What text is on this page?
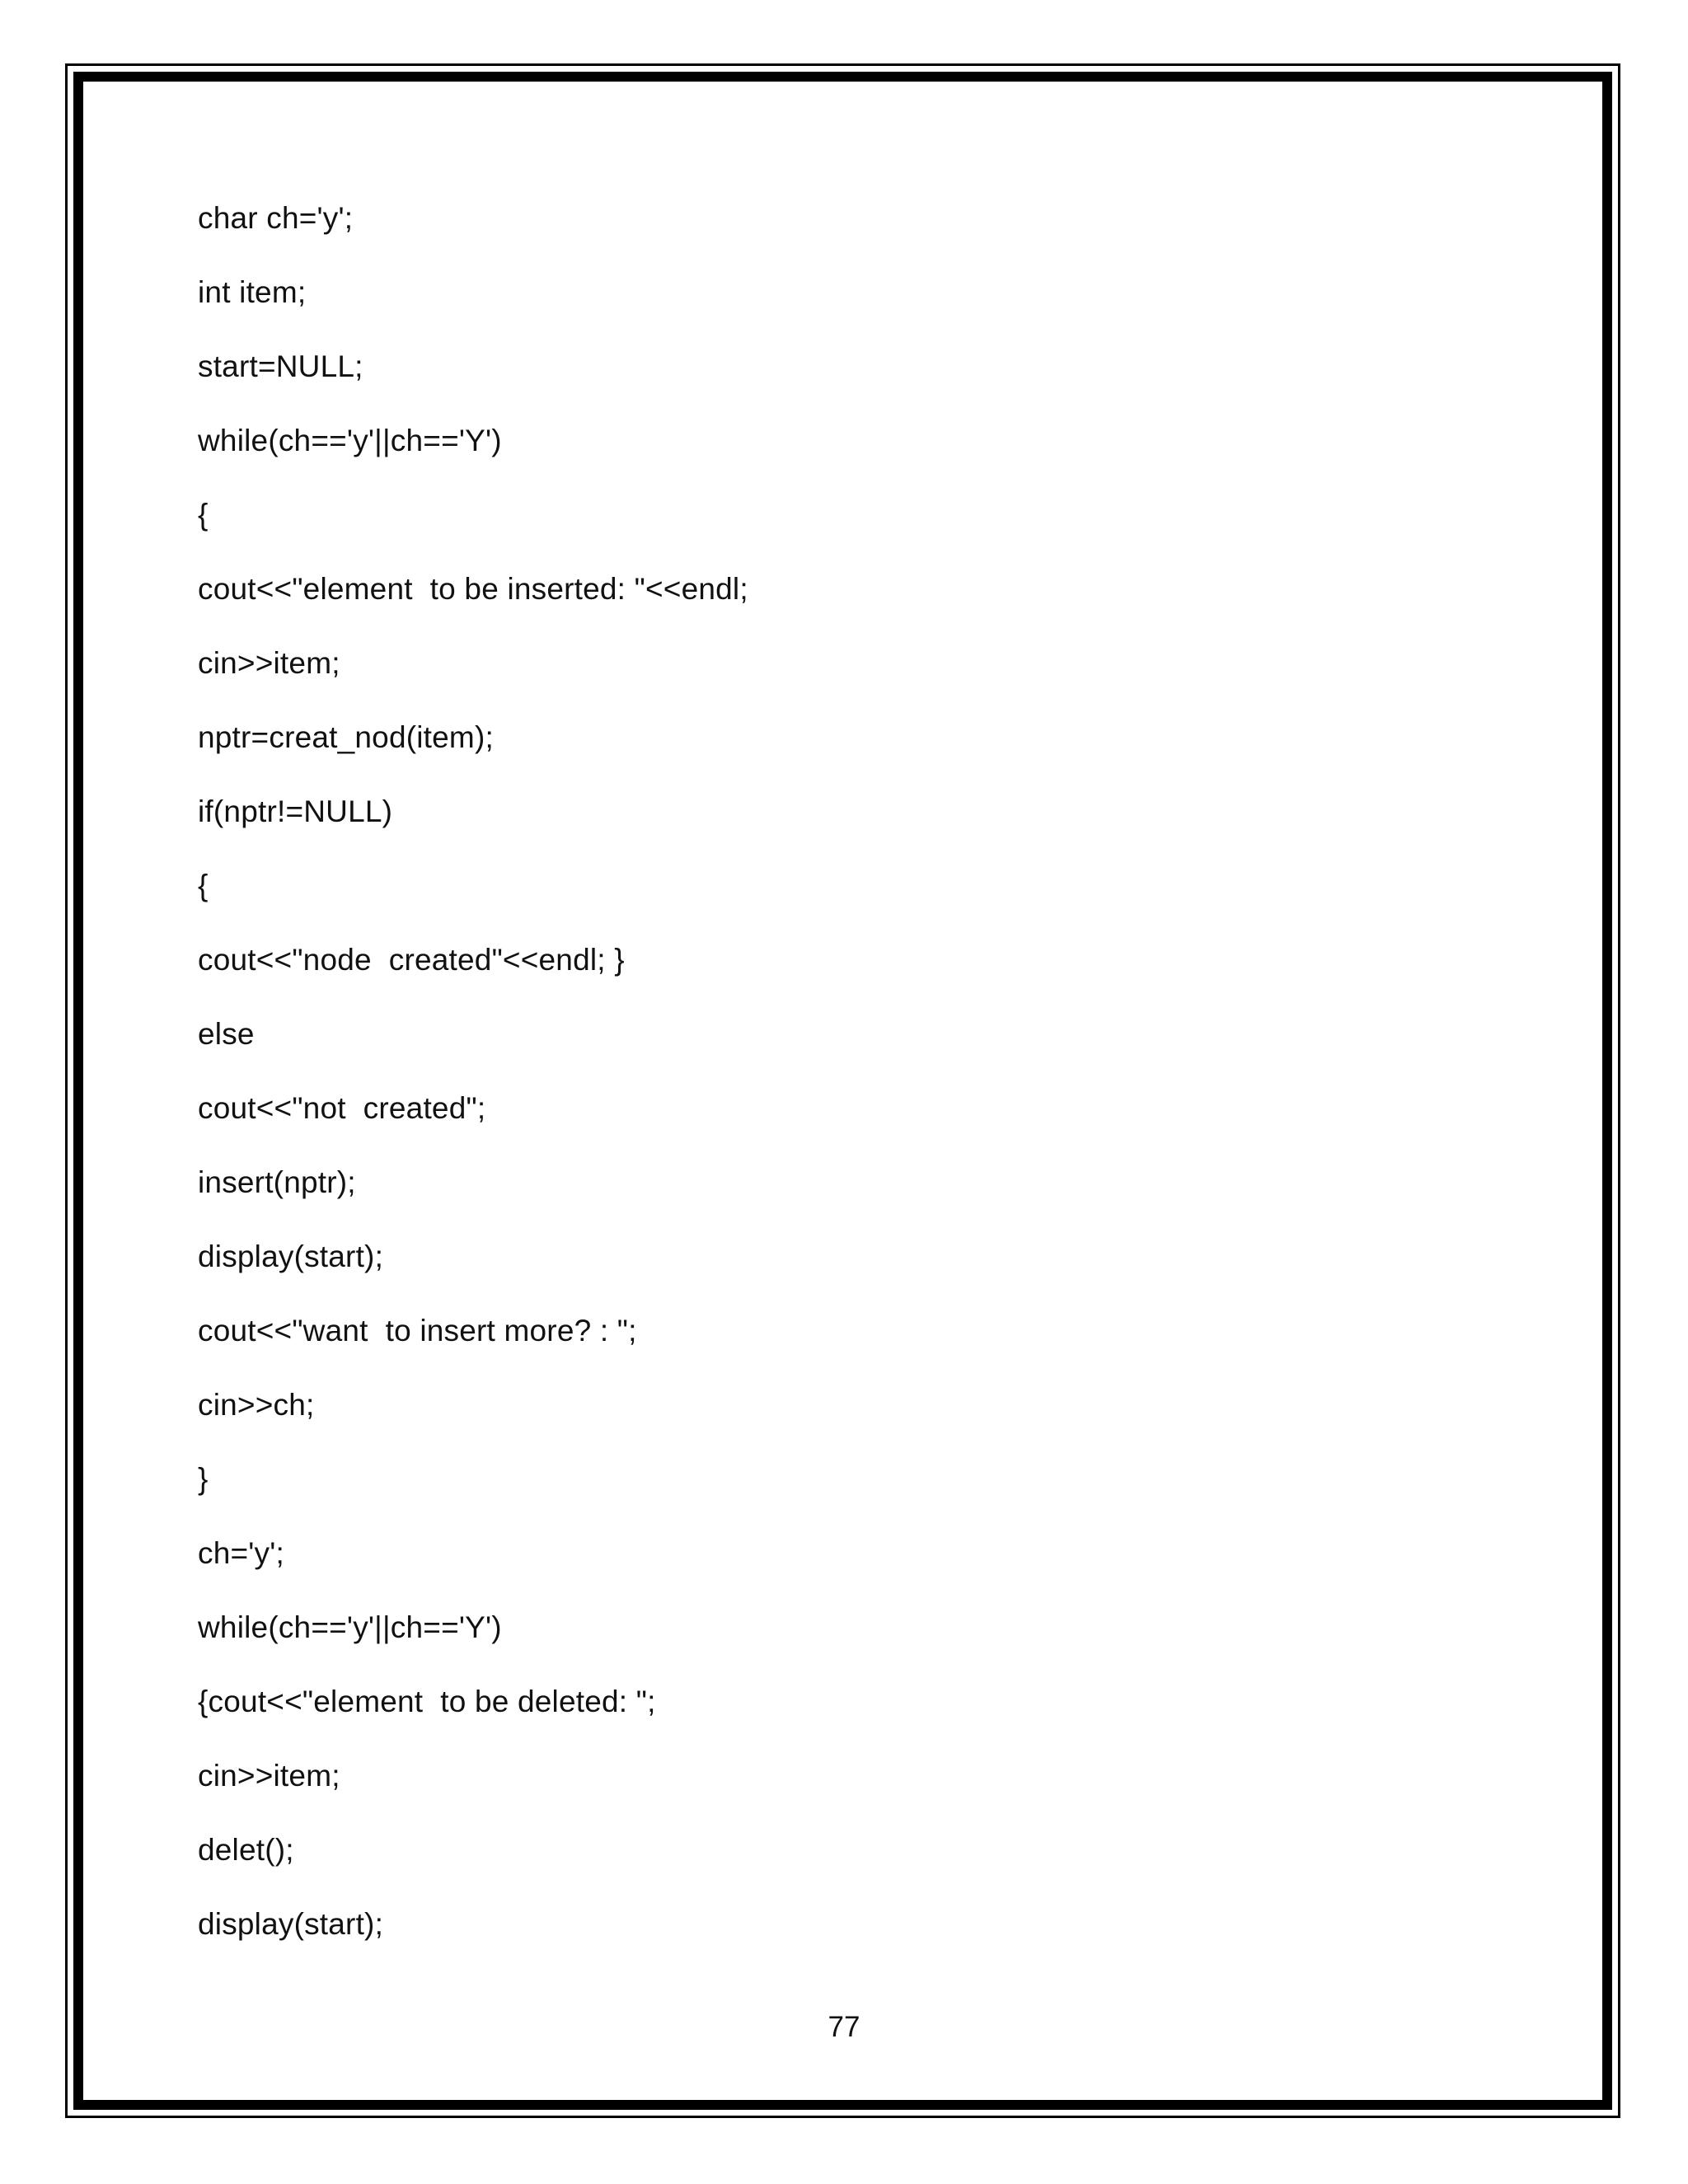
char ch='y';
int item;
start=NULL;
while(ch=='y'||ch=='Y')
{
cout<<"element  to be inserted: "<<endl;
cin>>item;
nptr=creat_nod(item);
if(nptr!=NULL)
{
cout<<"node  created"<<endl; }
else
cout<<"not  created";
insert(nptr);
display(start);
cout<<"want  to insert more? : ";
cin>>ch;
}
ch='y';
while(ch=='y'||ch=='Y')
{cout<<"element  to be deleted: ";
cin>>item;
delet();
display(start);
77
